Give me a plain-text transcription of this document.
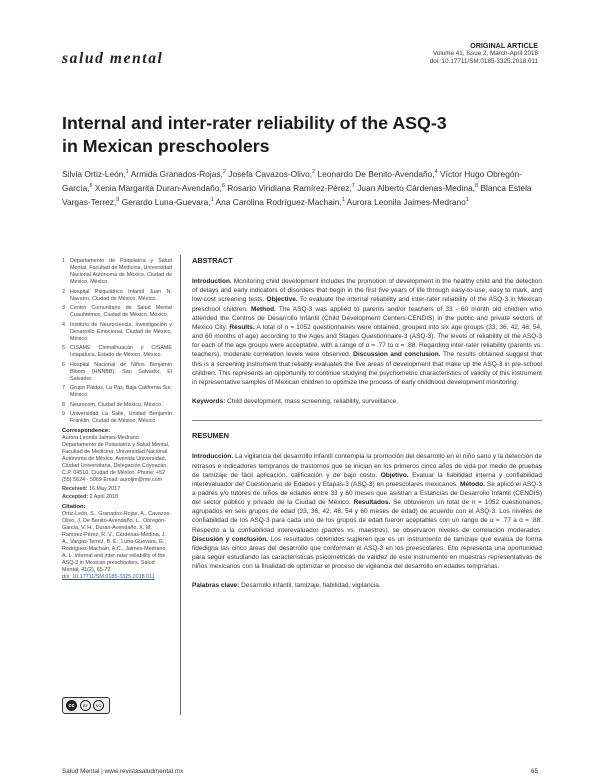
salud mental
ORIGINAL ARTICLE
Volume 41, Issue 2, March-April 2018
doi: 10.17711/SM.0185-3325.2018.011
Internal and inter-rater reliability of the ASQ-3
in Mexican preschoolers
Silvia Ortiz-León,$^1$ Armida Granados-Rojas,$^2$ Josefa Cavazos-Olivo,$^2$ Leonardo De Benito-Avendaño,$^4$ Víctor Hugo Obregón-García,$^5$ Xenia Margarita Duran-Avendaño,$^6$ Rosario Viridiana Ramírez-Pérez,$^7$ Juan Alberto Cárdenas-Medina,$^8$ Blanca Estela Vargas-Terrez,$^9$ Gerardo Luna-Guevara,$^1$ Ana Carolina Rodríguez-Machain,$^1$ Aurora Leonila Jaimes-Medrano$^1$
1 Departamento de Psiquiatría y Salud Mental, Facultad de Medicina, Universidad Nacional Autónoma de México, Ciudad de México, México.
2 Hospital Psiquiátrico Infantil Juan N. Navarro, Ciudad de México, México.
3 Centro Comunitario de Salud Mental Cuauhtémoc, Ciudad de México, México.
4 Instituto de Neurociencia, Investigación y Desarrollo Emocional, Ciudad de México, México.
5 CISAME Chimalhuacán y CISAME Ixtapaluca, Estado de México, México.
6 Hospital Nacional de Niños Benjamin Bloom (HNNBB), San Salvador, El Salvador.
7 Grupo Paidos, La Paz, Baja California Sur, México.
8 Neurocom, Ciudad de México, México.
9 Universidad La Salle, Unidad Benjamín Franklin, Ciudad de México, México.
Correspondence:
Aurora Leonila Jaimes-Medrano Departamento de Psiquiatría y Salud Mental, Facultad de Medicina, Universidad Nacional Autónoma de México. Avenida Universidad, Ciudad Universitaria, Delegación Coyoacán, C.P. 04510, Ciudad de México. Phone: +52 (55) 5624 - 5069 Email: auroljm@me.com
Received: 16 May 2017
Accepted: 2 April 2018
Citation:
Ortiz-León, S., Granados-Rojas, A., Cavazos-Olivo, J. De Benito-Avendaño, L., Obregón-García, V. H., Duran-Avendaño, X. M. Ramírez-Pérez, R. V., Cárdenas-Medina, J. A., Vargas-Terrez, B. E., Luna-Guevara, G., Rodríguez-Machain, A.C., Jaimes-Medrano, A. L. Internal and inter-rater reliability of the ASQ-3 in Mexican preschoolers. Salud Mental, 41(2), 65-72.
doi: 10.17711/SM.0185-3325.2018.011
cc	BY	NC
ABSTRACT

Introduction. Monitoring child development includes the promotion of development in the healthy child and the detection of delays and early indicators of disorders that begin in the first five years of life through easy-to-use, easy to mark, and low-cost screening tests. Objective. To evaluate the internal reliability and inter-rater reliability of the ASQ-3 in Mexican preschool children. Method. The ASQ-3 was applied to parents and/or teachers of 33 - 60 month old children who attended the Centros de Desarrollo Infantil (Child Development Centers-CENDIS) in the public and private sectors of Mexico City. Results. A total of n = 1052 questionnaires were obtained, grouped into six age groups (33, 36, 42, 48, 54, and 60 months of age) according to the Ages and Stages Questionnaire-3 (ASQ-3). The levels of reliability of the ASQ-3 for each of the age groups were acceptable, with a range of α = .77 to α = .88. Regarding inter-rater reliability (parents vs. teachers), moderate correlation levels were observed. Discussion and conclusion. The results obtained suggest that this is a screening instrument that reliably evaluates the five areas of development that make up the ASQ-3 in pre-school children. This represents an opportunity to continue studying the psychometric characteristics of validity of this instrument in representative samples of Mexican children to optimize the process of early childhood development monitoring.

Keywords: Child development, mass screening, reliability, surveillance.

RESUMEN

Introducción. La vigilancia del desarrollo infantil contempla la promoción del desarrollo en el niño sano y la detección de retrasos e indicadores tempranos de trastornos que se inician en los primeros cinco años de vida por medio de pruebas de tamizaje de fácil aplicación, calificación y de bajo costo. Objetivo. Evaluar la fiabilidad interna y confiabilidad interevaluador del Cuestionario de Edades y Etapas-3 (ASQ-3) en preescolares mexicanos. Método. Se aplicó el ASQ-3 a padres y/o tutores de niños de edades entre 33 y 60 meses que asistían a Estancias de Desarrollo Infantil (CENDIS) del sector público y privado de la Ciudad de México. Resultados. Se obtuvieron un total de n = 1052 cuestionarios, agrupados en seis grupos de edad (33, 36, 42, 48, 54 y 60 meses de edad) de acuerdo con el ASQ-3. Los niveles de confiabilidad de los ASQ-3 para cada uno de los grupos de edad fueron aceptables con un rango de α = .77 a α = .88. Respecto a la confiabilidad interevaluador (padres vs. maestros), se observaron niveles de correlación moderados. Discusión y conclusión. Los resultados obtenidos sugieren que es un instrumento de tamizaje que evalúa de forma fidedigna las cinco áreas del desarrollo que conforman el ASQ-3 en los preescolares. Ello representa una oportunidad para seguir estudiando las características psicométricas de validez de este instrumento en muestras representativas de niños mexicanos con la finalidad de optimizar el proceso de vigilancia del desarrollo en edades tempranas.

Palabras clave: Desarrollo infantil, tamizaje, fiabilidad, vigilancia.

Salud Mental | www.revistasaludmental.mx	65
